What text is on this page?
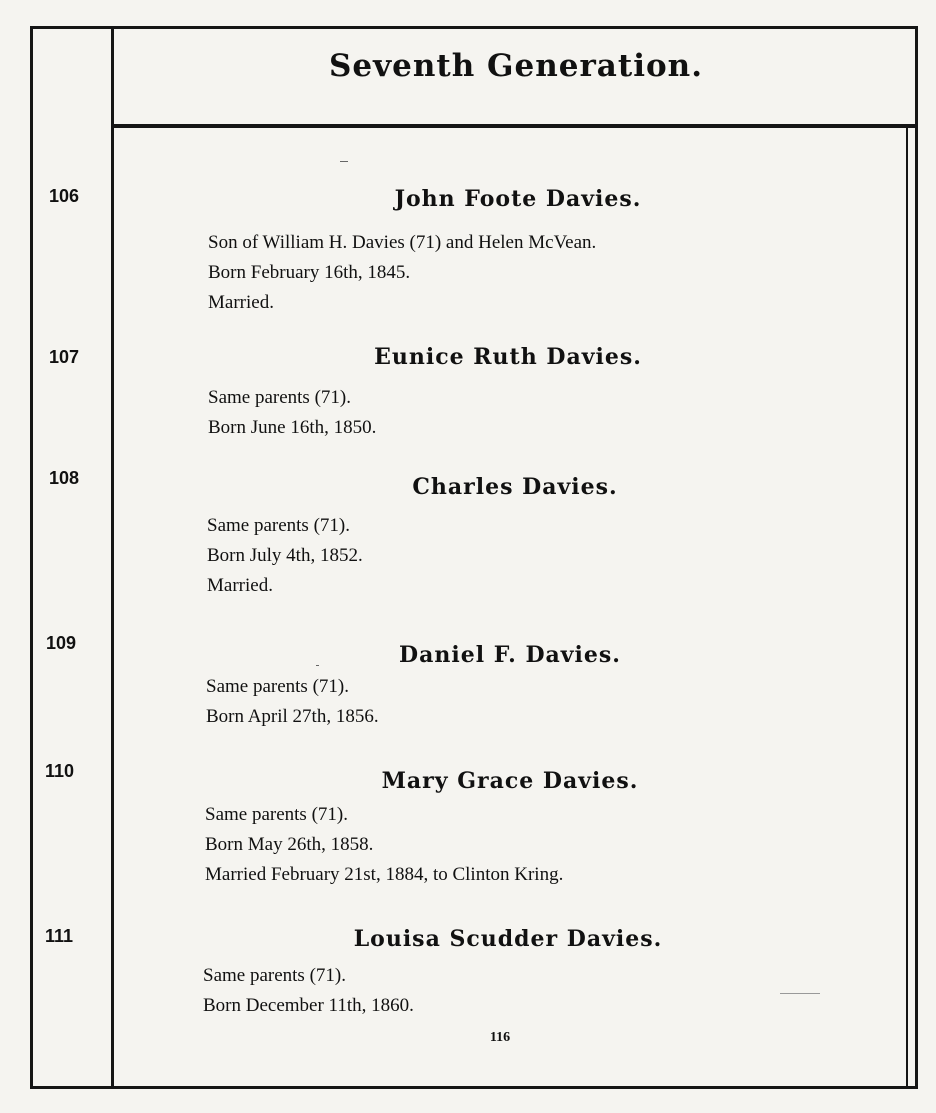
Seventh Generation.
106	John Foote Davies.
Son of William H. Davies (71) and Helen McVean.
Born February 16th, 1845.
Married.
107	Eunice Ruth Davies.
Same parents (71).
Born June 16th, 1850.
108	Charles Davies.
Same parents (71).
Born July 4th, 1852.
Married.
109	Daniel F. Davies.
Same parents (71).
Born April 27th, 1856.
110	Mary Grace Davies.
Same parents (71).
Born May 26th, 1858.
Married February 21st, 1884, to Clinton Kring.
111	Louisa Scudder Davies.
Same parents (71).
Born December 11th, 1860.
116
